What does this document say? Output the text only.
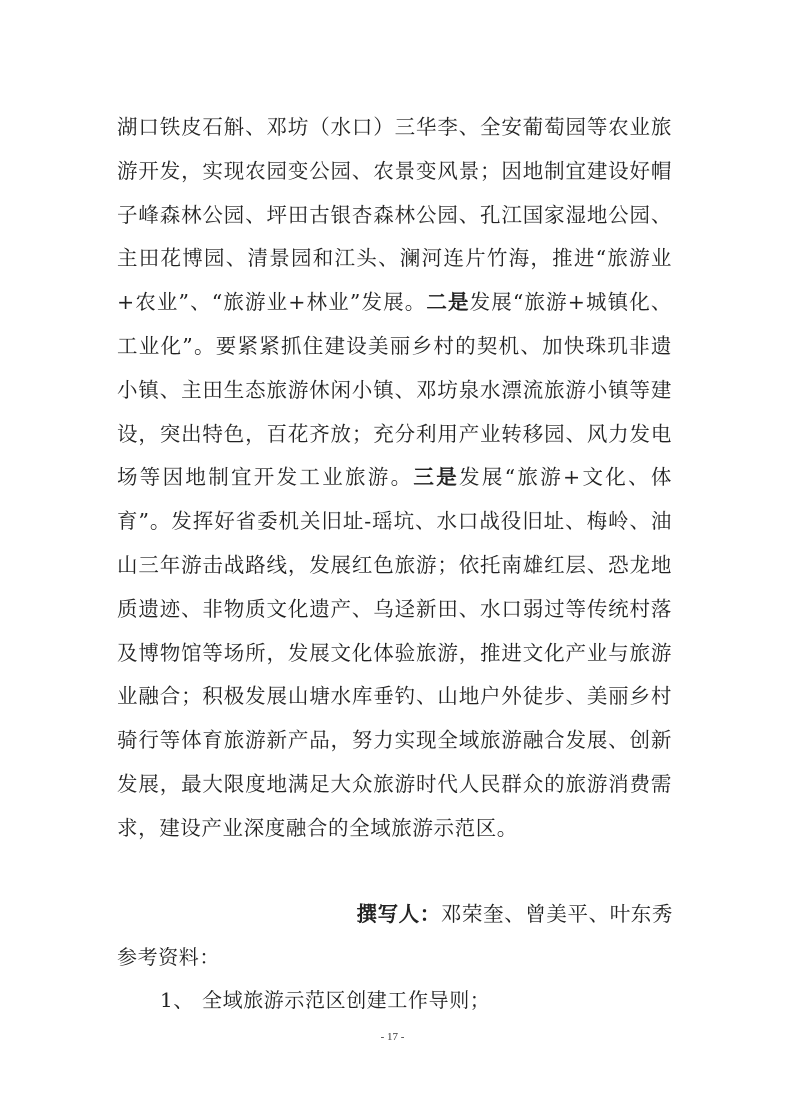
湖口铁皮石斛、邓坊（水口）三华李、全安葡萄园等农业旅游开发，实现农园变公园、农景变风景；因地制宜建设好帽子峰森林公园、坪田古银杏森林公园、孔江国家湿地公园、主田花博园、清景园和江头、澜河连片竹海，推进“旅游业+农业”、“旅游业+林业”发展。二是发展“旅游+城镇化、工业化”。要紧紧抓住建设美丽乡村的契机、加快珠玑非遗小镇、主田生态旅游休闲小镇、邓坊泉水漂流旅游小镇等建设，突出特色，百花齐放；充分利用产业转移园、风力发电场等因地制宜开发工业旅游。三是发展“旅游+文化、体育”。发挥好省委机关旧址-瑶坑、水口战役旧址、梅岭、油山三年游击战路线，发展红色旅游；依托南雄红层、恐龙地质遗迹、非物质文化遗产、乌迳新田、水口弱过等传统村落及博物馆等场所，发展文化体验旅游，推进文化产业与旅游业融合；积极发展山塘水库垂钓、山地户外徒步、美丽乡村骑行等体育旅游新产品，努力实现全域旅游融合发展、创新发展，最大限度地满足大众旅游时代人民群众的旅游消费需求，建设产业深度融合的全域旅游示范区。

撰写人：邓荣奎、曾美平、叶东秀
参考资料：
1、 全域旅游示范区创建工作导则；
- 17 -
